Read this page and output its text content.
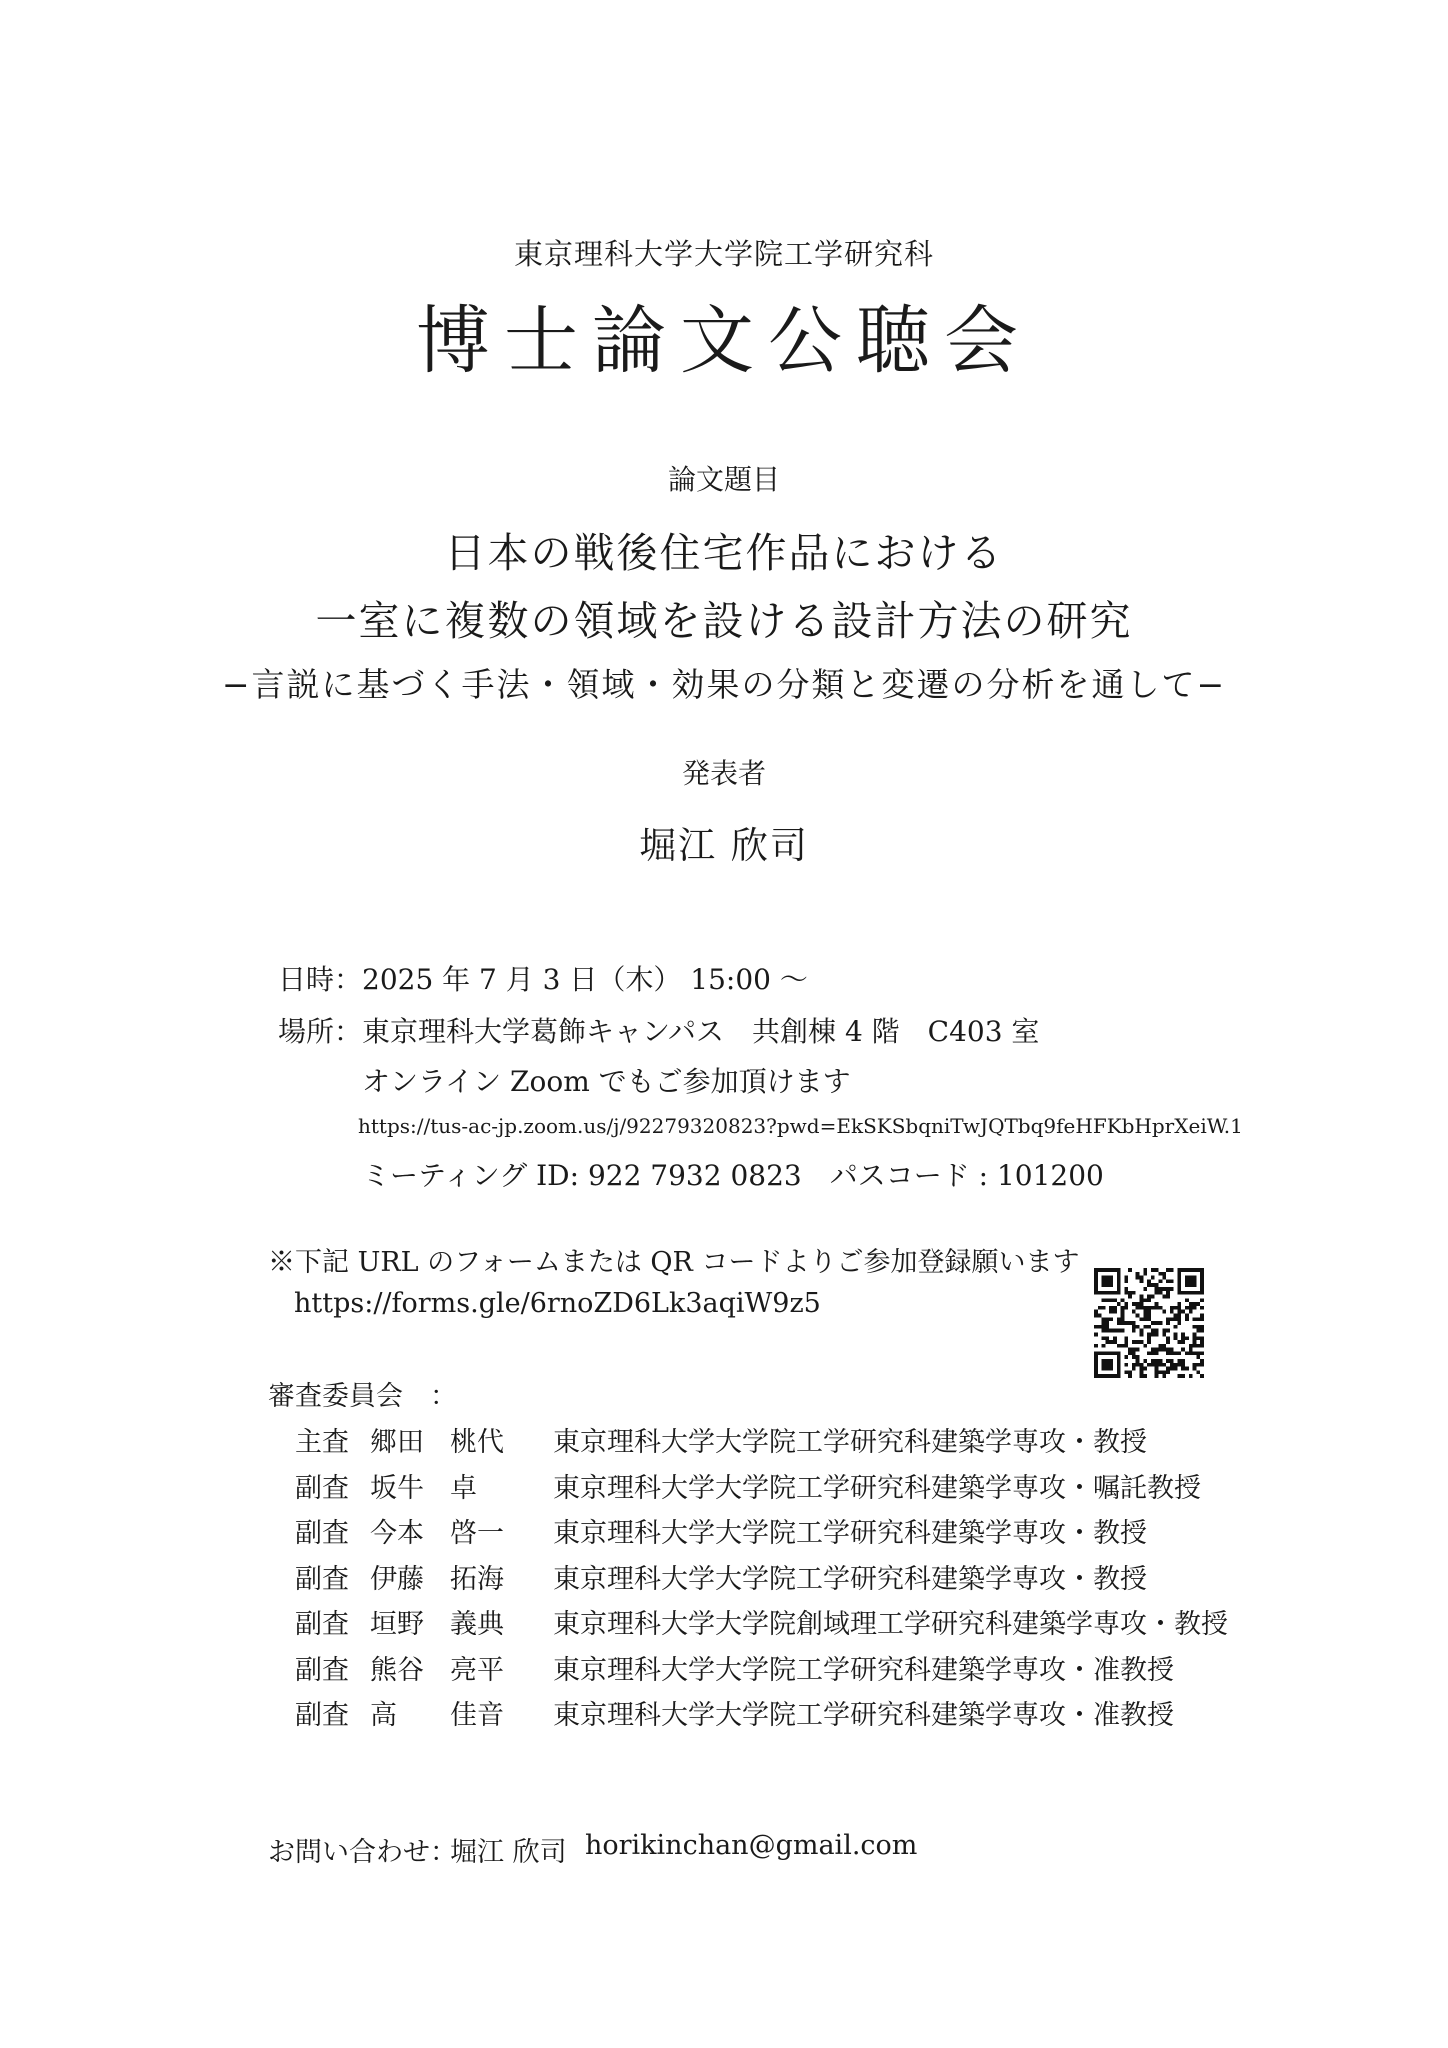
東京理科大学大学院工学研究科
博士論文公聴会
論文題目
日本の戦後住宅作品における
一室に複数の領域を設ける設計方法の研究
−言説に基づく手法・領域・効果の分類と変遷の分析を通して−
発表者
堀江 欣司
日時： 2025 年 7 月 3 日（木） 15:00 〜
場所： 東京理科大学葛飾キャンパス　共創棟 4 階　C403 室
オンライン Zoom でもご参加頂けます
https://tus-ac-jp.zoom.us/j/92279320823?pwd=EkSKSbqniTwJQTbq9feHFKbHprXeiW.1
ミーティング ID: 922 7932 0823　パスコード : 101200
※下記 URL のフォームまたは QR コードよりご参加登録願います
https://forms.gle/6rnoZD6Lk3aqiW9z5
審査委員会　：
主査 郷田 桃代 東京理科大学大学院工学研究科建築学専攻・教授
副査 坂牛 卓	東京理科大学大学院工学研究科建築学専攻・嘱託教授
副査 今本 啓一 東京理科大学大学院工学研究科建築学専攻・教授
副査 伊藤 拓海 東京理科大学大学院工学研究科建築学専攻・教授
副査 垣野 義典 東京理科大学大学院創域理工学研究科建築学専攻・教授
副査 熊谷 亮平 東京理科大学大学院工学研究科建築学専攻・准教授
副査 高 佳音 東京理科大学大学院工学研究科建築学専攻・准教授
お問い合わせ：
堀江 欣司 horikinchan@gmail.com
